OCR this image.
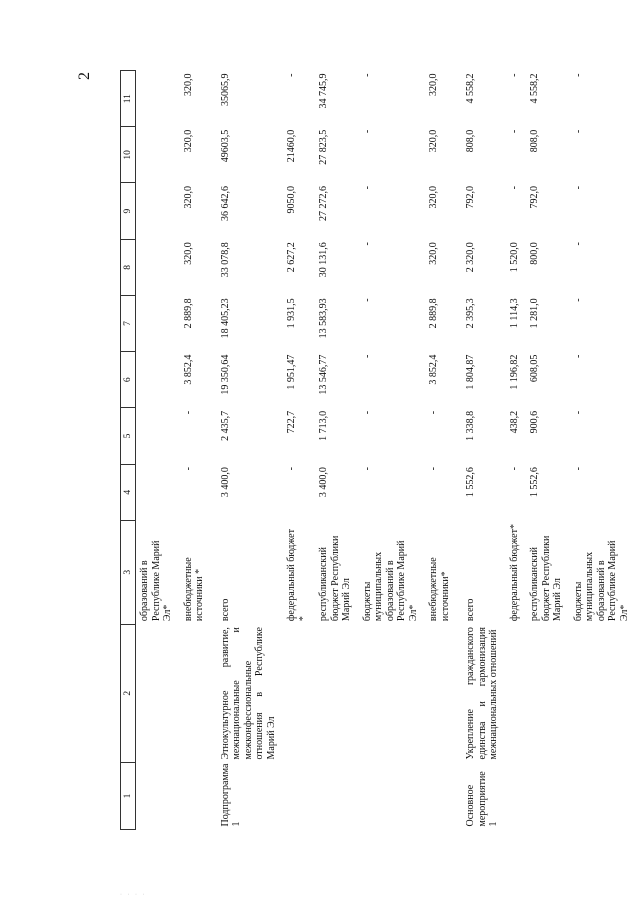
2
1	2	3	4	5	6	7	8	9	10	11
		образований в Республике Марий Эл*								
		внебюджетные источники *	-	-	3 852,4	2 889,8	320,0	320,0	320,0	320,0
Подпрограмма 1	Этнокультурное развитие, межнациональные и межконфессиональные отношения в Республике Марий Эл	всего	3 400,0	2 435,7	19 350,64	18 405,23	33 078,8	36 642,6	49603,5	35065,9
		федеральный бюджет *	-	722,7	1 951,47	1 931,5	2 627,2	9050,0	21460,0	-
		республиканский бюджет Республики Марий Эл	3 400,0	1 713,0	13 546,77	13 583,93	30 131,6	27 272,6	27 823,5	34 745,9
		бюджеты муниципальных образований в Республике Марий Эл*	-	-	-	-	-	-	-	-
		внебюджетные источники*	-	-	3 852,4	2 889,8	320,0	320,0	320,0	320,0
Основное мероприятие 1	Укрепление гражданского единства и гармонизация межнациональных отношений	всего	1 552,6	1 338,8	1 804,87	2 395,3	2 320,0	792,0	808,0	4 558,2
		федеральный бюджет*	-	438,2	1 196,82	1 114,3	1 520,0	-	-	-
		республиканский бюджет Республики Марий Эл	1 552,6	900,6	608,05	1 281,0	800,0	792,0	808,0	4 558,2
		бюджеты муниципальных образований в Республике Марий Эл*	-	-	-	-	-	-	-	-
· · · ·
